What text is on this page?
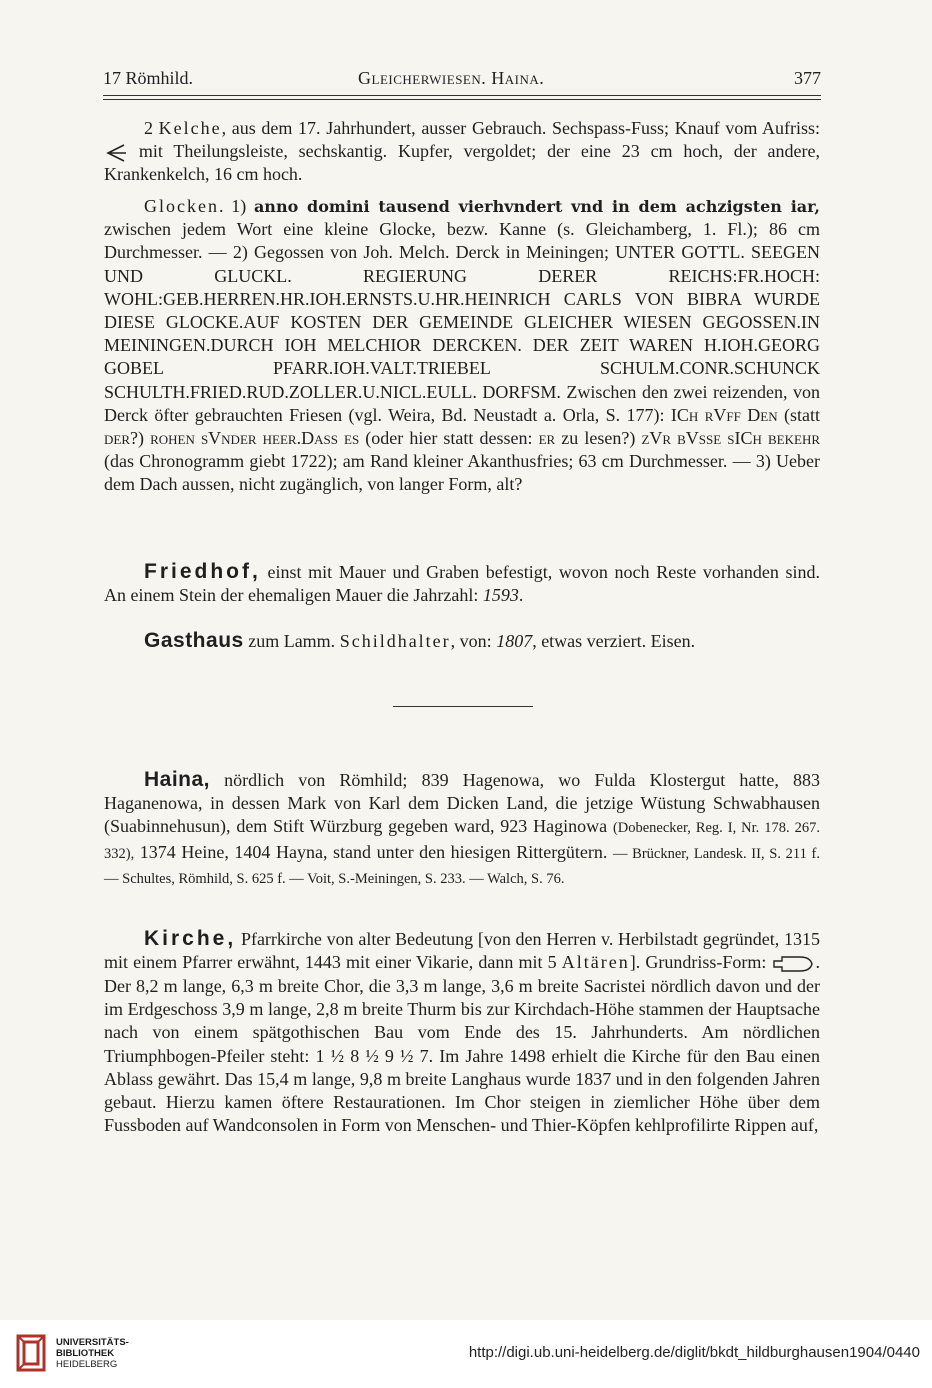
17 Römhild.	Gleicherwiesen. Haina.	377

2 Kelche, aus dem 17. Jahrhundert, ausser Gebrauch. Sechspass-Fuss; Knauf vom Aufriss:  mit Theilungsleiste, sechskantig. Kupfer, vergoldet; der eine 23 cm hoch, der andere, Krankenkelch, 16 cm hoch.

Glocken. 1) anno domini tausend vierhvndert vnd in dem achzigsten iar, zwischen jedem Wort eine kleine Glocke, bezw. Kanne (s. Gleichamberg, 1. Fl.); 86 cm Durchmesser. — 2) Gegossen von Joh. Melch. Derck in Meiningen; UNTER GOTTL. SEEGEN UND GLUCKL. REGIERUNG DERER REICHS:FR.HOCH: WOHL:GEB.HERREN.HR.IOH.ERNSTS.U.HR.HEINRICH CARLS VON BIBRA WURDE DIESE GLOCKE.AUF KOSTEN DER GEMEINDE GLEICHER WIESEN GEGOSSEN.IN MEININGEN.DURCH IOH MELCHIOR DERCKEN. DER ZEIT WAREN H.IOH.GEORG GOBEL PFARR.IOH.VALT.TRIEBEL SCHULM.CONR.SCHUNCK SCHULTH.FRIED.RUD.ZOLLER.U.NICL.EULL. DORFSM. Zwischen den zwei reizenden, von Derck öfter gebrauchten Friesen (vgl. Weira, Bd. Neustadt a. Orla, S. 177): ICh rVff Den (statt der?) rohen sVnder heer.Dass es (oder hier statt dessen: er zu lesen?) zVr bVsse sICh bekehr (das Chronogramm giebt 1722); am Rand kleiner Akanthusfries; 63 cm Durchmesser. — 3) Ueber dem Dach aussen, nicht zugänglich, von langer Form, alt?

Friedhof, einst mit Mauer und Graben befestigt, wovon noch Reste vorhanden sind. An einem Stein der ehemaligen Mauer die Jahrzahl: 1593.

Gasthaus zum Lamm. Schildhalter, von: 1807, etwas verziert. Eisen.

Haina, nördlich von Römhild; 839 Hagenowa, wo Fulda Klostergut hatte, 883 Haganenowa, in dessen Mark von Karl dem Dicken Land, die jetzige Wüstung Schwabhausen (Suabinnehusun), dem Stift Würzburg gegeben ward, 923 Haginowa (Dobenecker, Reg. I, Nr. 178. 267. 332), 1374 Heine, 1404 Hayna, stand unter den hiesigen Rittergütern. — Brückner, Landesk. II, S. 211 f. — Schultes, Römhild, S. 625 f. — Voit, S.-Meiningen, S. 233. — Walch, S. 76.

Kirche, Pfarrkirche von alter Bedeutung [von den Herren v. Herbilstadt gegründet, 1315 mit einem Pfarrer erwähnt, 1443 mit einer Vikarie, dann mit 5 Altären]. Grundriss-Form: . Der 8,2 m lange, 6,3 m breite Chor, die 3,3 m lange, 3,6 m breite Sacristei nördlich davon und der im Erdgeschoss 3,9 m lange, 2,8 m breite Thurm bis zur Kirchdach-Höhe stammen der Hauptsache nach von einem spätgothischen Bau vom Ende des 15. Jahrhunderts. Am nördlichen Triumphbogen-Pfeiler steht: 1 ½ 8 ½ 9 ½ 7. Im Jahre 1498 erhielt die Kirche für den Bau einen Ablass gewährt. Das 15,4 m lange, 9,8 m breite Langhaus wurde 1837 und in den folgenden Jahren gebaut. Hierzu kamen öftere Restaurationen. Im Chor steigen in ziemlicher Höhe über dem Fussboden auf Wandconsolen in Form von Menschen- und Thier-Köpfen kehlprofilirte Rippen auf,

UNIVERSITÄTS-
BIBLIOTHEK
HEIDELBERG
http://digi.ub.uni-heidelberg.de/diglit/bkdt_hildburghausen1904/0440
